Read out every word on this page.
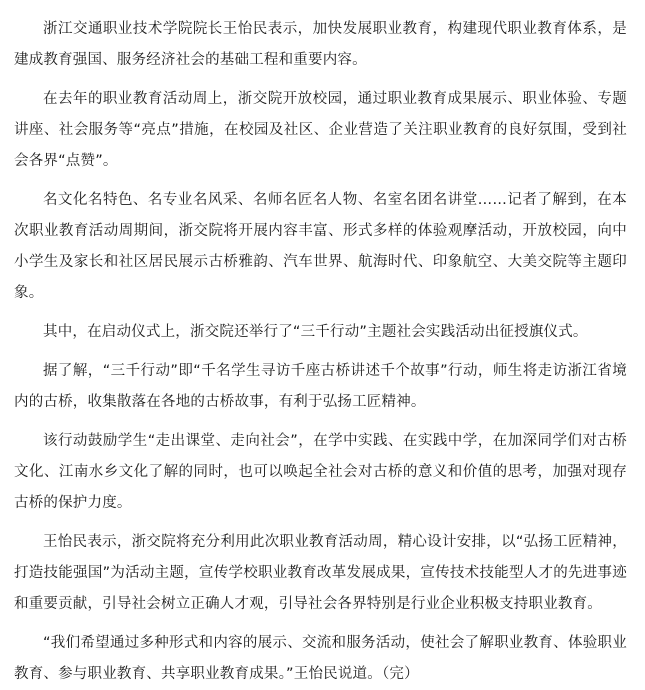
浙江交通职业技术学院院长王怡民表示，加快发展职业教育，构建现代职业教育体系，是建成教育强国、服务经济社会的基础工程和重要内容。

在去年的职业教育活动周上，浙交院开放校园，通过职业教育成果展示、职业体验、专题讲座、社会服务等“亮点”措施，在校园及社区、企业营造了关注职业教育的良好氛围，受到社会各界“点赞”。

名文化名特色、名专业名风采、名师名匠名人物、名室名团名讲堂……记者了解到，在本次职业教育活动周期间，浙交院将开展内容丰富、形式多样的体验观摩活动，开放校园，向中小学生及家长和社区居民展示古桥雅韵、汽车世界、航海时代、印象航空、大美交院等主题印象。

其中，在启动仪式上，浙交院还举行了“三千行动”主题社会实践活动出征授旗仪式。

据了解，“三千行动”即“千名学生寻访千座古桥讲述千个故事”行动，师生将走访浙江省境内的古桥，收集散落在各地的古桥故事，有利于弘扬工匠精神。

该行动鼓励学生“走出课堂、走向社会”，在学中实践、在实践中学，在加深同学们对古桥文化、江南水乡文化了解的同时，也可以唤起全社会对古桥的意义和价值的思考，加强对现存古桥的保护力度。

王怡民表示，浙交院将充分利用此次职业教育活动周，精心设计安排，以“弘扬工匠精神，打造技能强国”为活动主题，宣传学校职业教育改革发展成果，宣传技术技能型人才的先进事迹和重要贡献，引导社会树立正确人才观，引导社会各界特别是行业企业积极支持职业教育。

“我们希望通过多种形式和内容的展示、交流和服务活动，使社会了解职业教育、体验职业教育、参与职业教育、共享职业教育成果。”王怡民说道。（完）
